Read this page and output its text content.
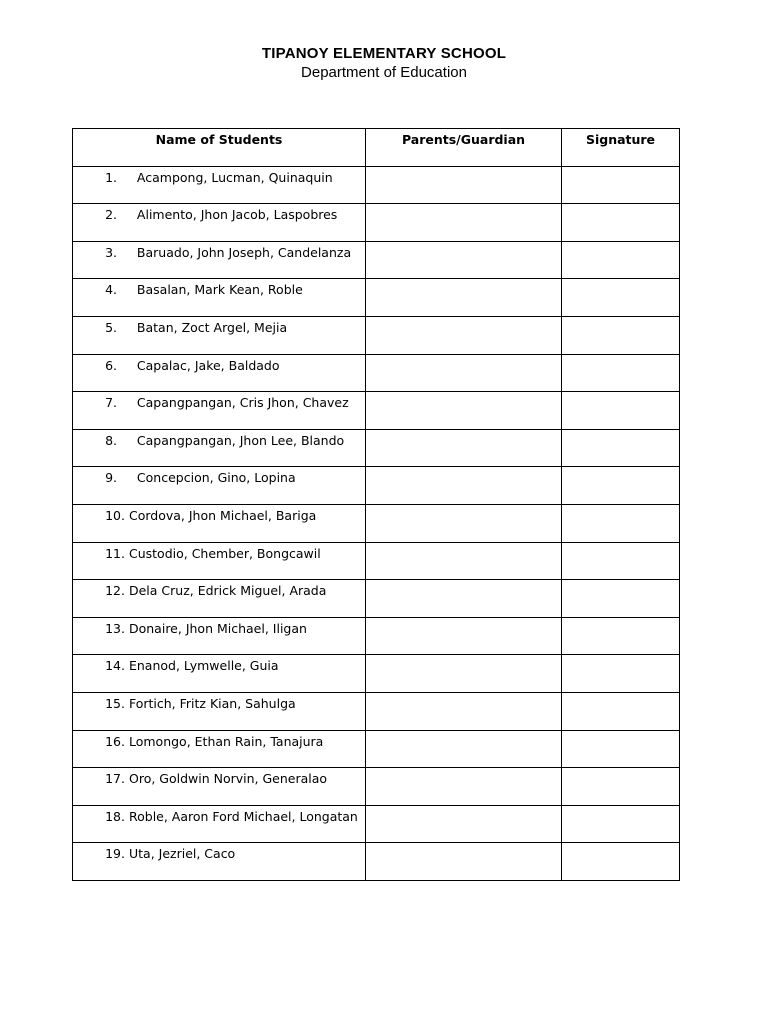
TIPANOY ELEMENTARY SCHOOL
Department of Education
Name of Students	Parents/Guardian	Signature
1. Acampong, Lucman, Quinaquin		
2. Alimento, Jhon Jacob, Laspobres		
3. Baruado, John Joseph, Candelanza		
4. Basalan, Mark Kean, Roble		
5. Batan, Zoct Argel, Mejia		
6. Capalac, Jake, Baldado		
7. Capangpangan, Cris Jhon, Chavez		
8. Capangpangan, Jhon Lee, Blando		
9. Concepcion, Gino, Lopina		
10. Cordova, Jhon Michael, Bariga		
11. Custodio, Chember, Bongcawil		
12. Dela Cruz, Edrick Miguel, Arada		
13. Donaire, Jhon Michael, Iligan		
14. Enanod, Lymwelle, Guia		
15. Fortich, Fritz Kian, Sahulga		
16. Lomongo, Ethan Rain, Tanajura		
17. Oro, Goldwin Norvin, Generalao		
18. Roble, Aaron Ford Michael, Longatan		
19. Uta, Jezriel, Caco		
